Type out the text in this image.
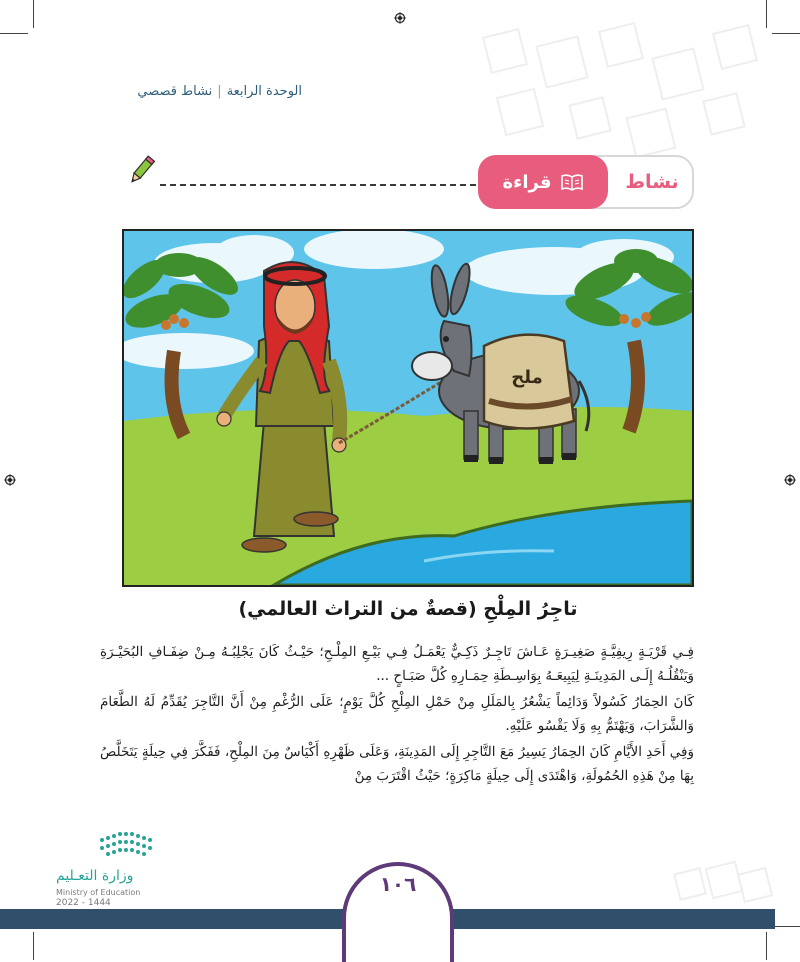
الوحدة الرابعة|نشاط قصصي
نشاط
قراءة
ملح
تاجِرُ المِلْحِ (قصةٌ من التراث العالمي)

فِـي قَرْيَـةٍ رِيفِيَّـةٍ صَغِيـرَةٍ عَـاشَ تَاجِـرٌ ذَكِـيٌّ يَعْمَـلُ فِـي بَيْـعِ المِلْـحِ؛ حَيْـثُ كَانَ يَجْلِبُـهُ مِـنْ ضِفَـافِ البُحَيْـرَةِ وَيَنْقُلُـهُ إِلَـى المَدِينَـةِ لِيَبِيعَـهُ بِوَاسِـطَةِ حِمَـارِهِ كُلَّ صَبَـاحٍ ...

كَانَ الحِمَارُ كَسُولاً وَدَائِماً يَشْعُرُ بِالمَلَلِ مِنْ حَمْلِ المِلْحِ كُلَّ يَوْمٍ؛ عَلَى الرُّغْمِ مِنْ أَنَّ التَّاجِرَ يُقَدِّمُ لَهُ الطَّعَامَ وَالشَّرَابَ، وَيَهْتَمُّ بِهِ وَلَا يَقْسُو عَلَيْهِ.

وَفِي أَحَدِ الأَيَّامِ كَانَ الحِمَارُ يَسِيرُ مَعَ التَّاجِرِ إِلَى المَدِينَةِ، وَعَلَى ظَهْرِهِ أَكْيَاسٌ مِنَ المِلْحِ، فَفَكَّرَ فِي حِيلَةٍ يَتَخَلَّصُ بِهَا مِنْ هَذِهِ الحُمُولَةِ، وَاهْتَدَى إِلَى حِيلَةٍ مَاكِرَةٍ؛ حَيْثُ اقْتَرَبَ مِنْ

وزارة التعـليم
Ministry of Education
2022 - 1444
١٠٦
